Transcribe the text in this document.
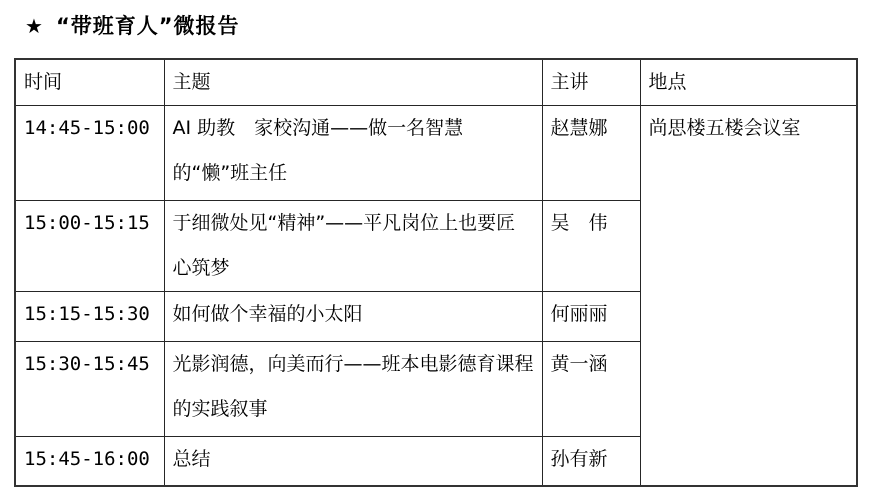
★ “带班育人”微报告
时间	主题	主讲	地点
14:45-15:00	AI 助教　家校沟通——做一名智慧的“懒”班主任	赵慧娜	尚思楼五楼会议室
15:00-15:15	于细微处见“精神”——平凡岗位上也要匠心筑梦	吴　伟	
15:15-15:30	如何做个幸福的小太阳	何丽丽	
15:30-15:45	光影润德，向美而行——班本电影德育课程的实践叙事	黄一涵	
15:45-16:00	总结	孙有新	
